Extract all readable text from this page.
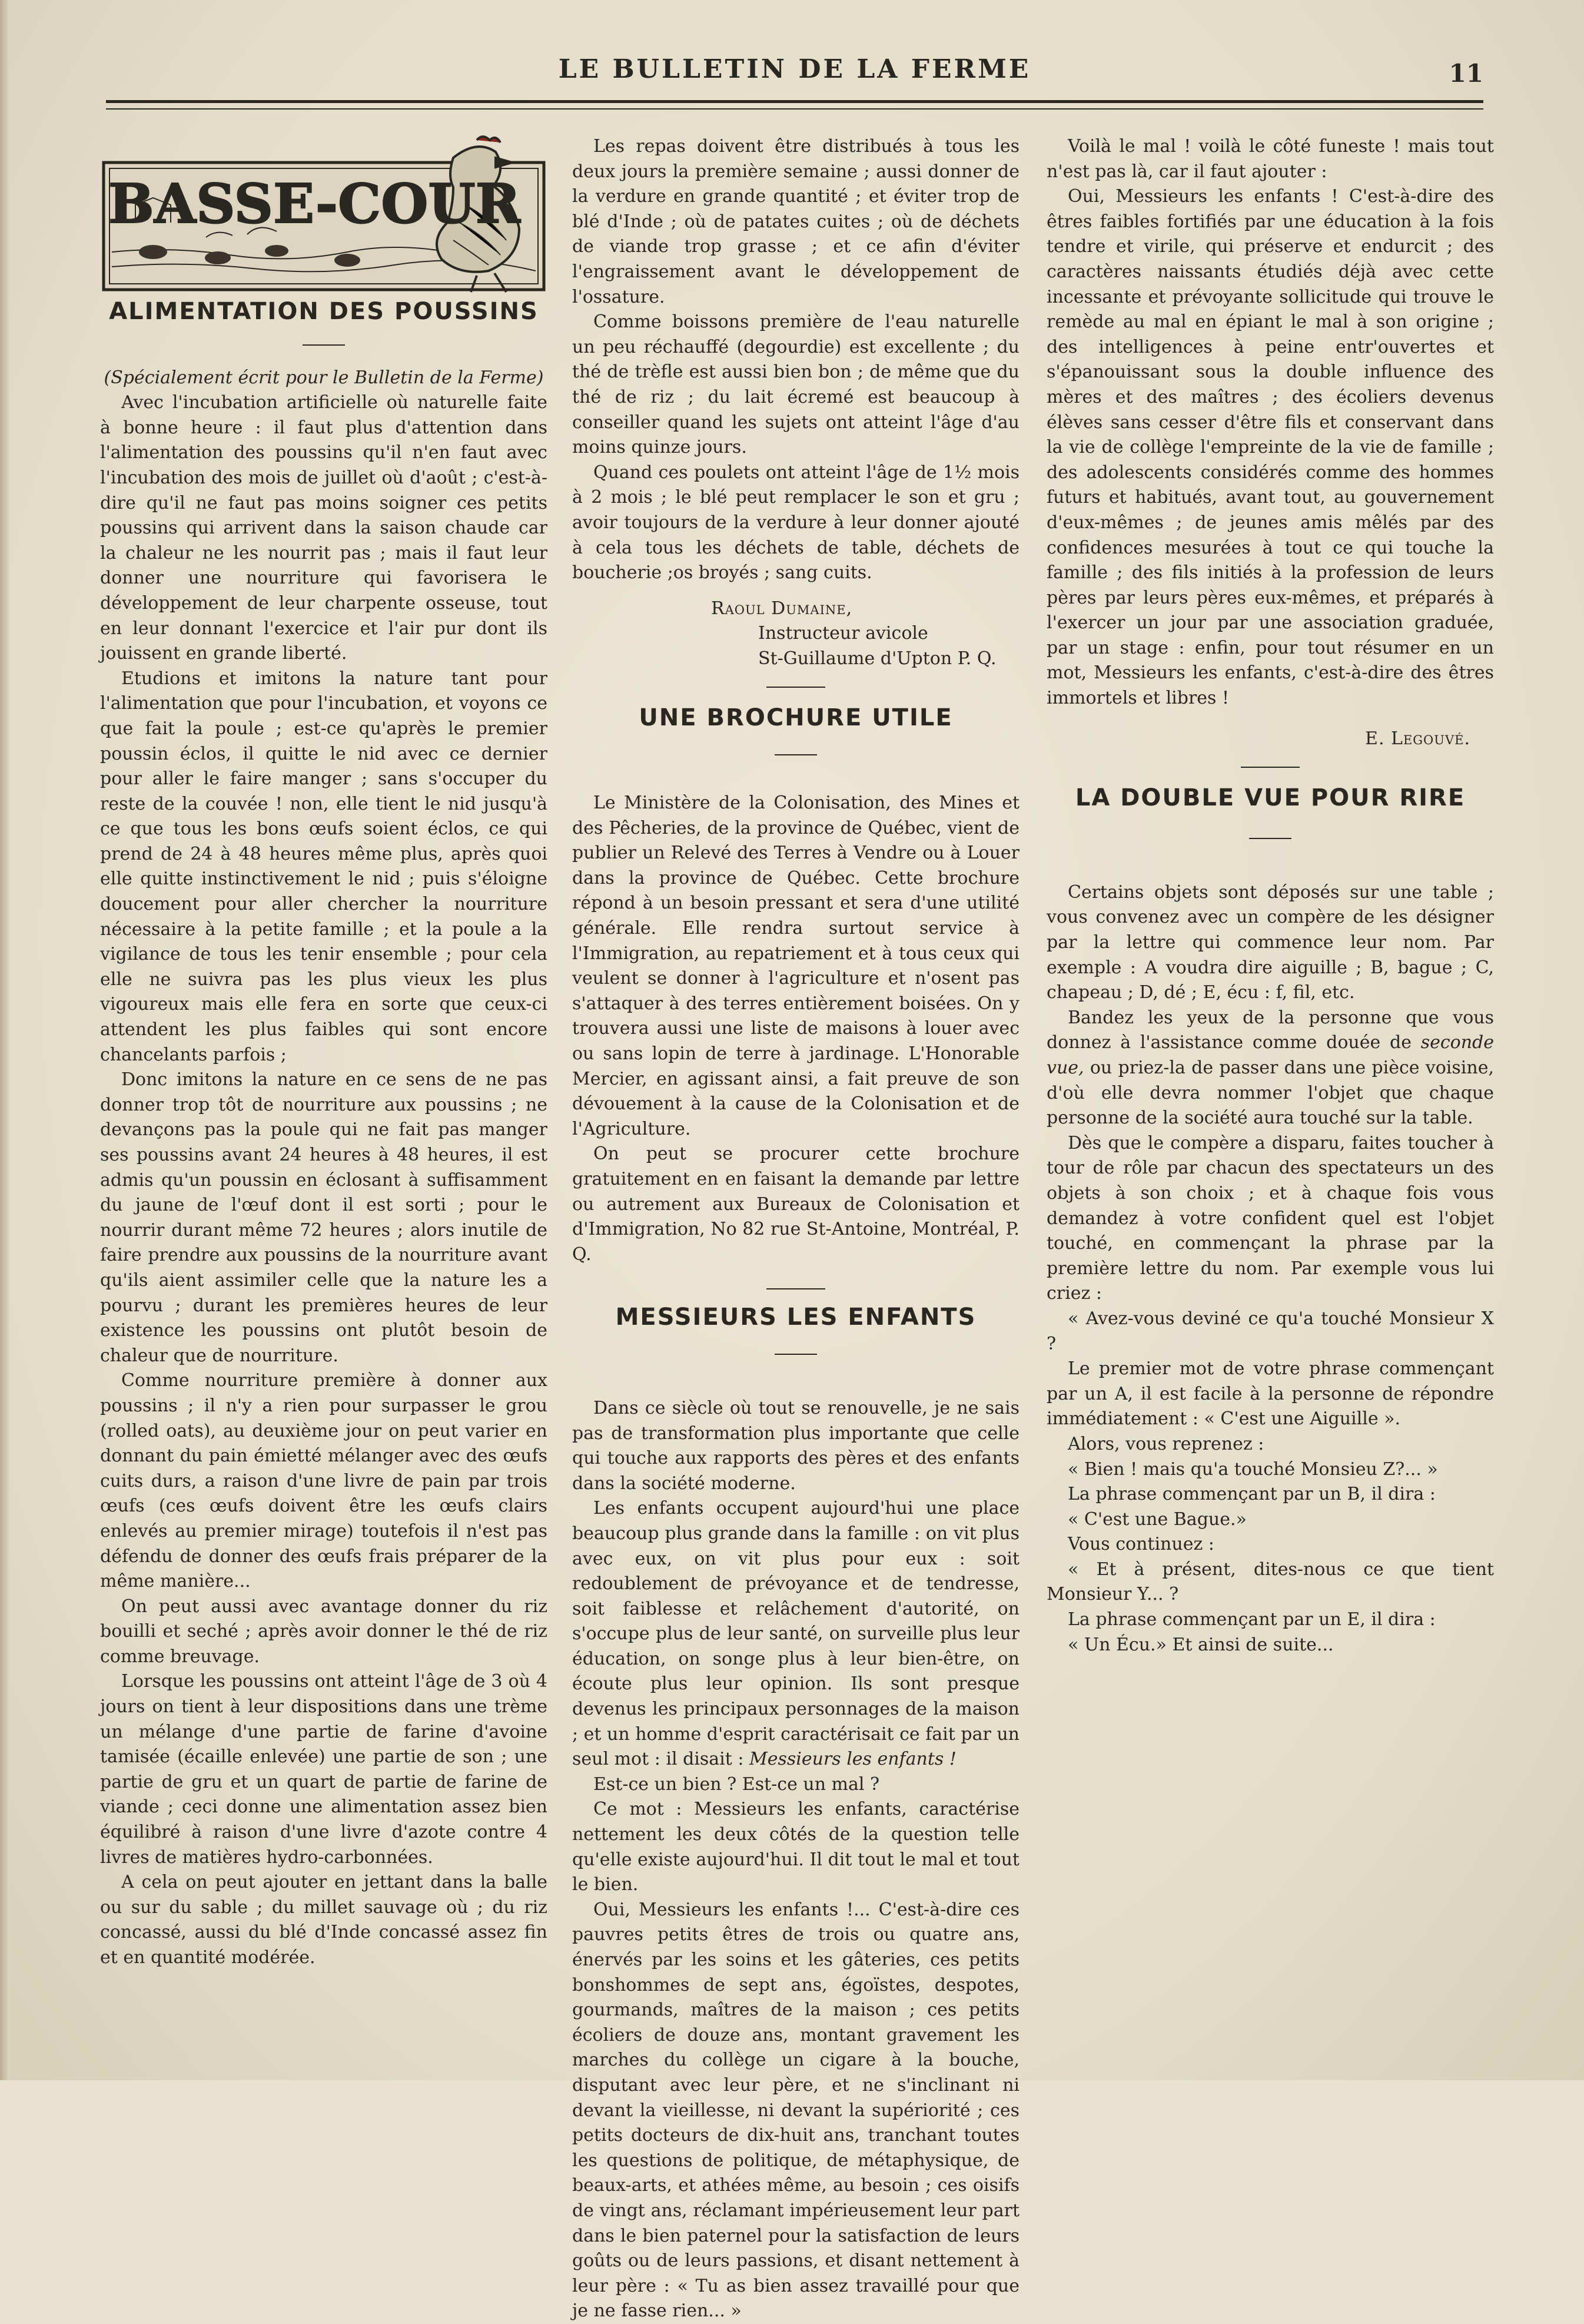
LE BULLETIN DE LA FERME	11
BASSE-COUR
ALIMENTATION DES POUSSINS

(Spécialement écrit pour le Bulletin de la Ferme)

Avec l'incubation artificielle où naturelle faite à bonne heure : il faut plus d'attention dans l'alimentation des poussins qu'il n'en faut avec l'incubation des mois de juillet où d'août ; c'est-à-dire qu'il ne faut pas moins soigner ces petits poussins qui arrivent dans la saison chaude car la chaleur ne les nourrit pas ; mais il faut leur donner une nourriture qui favorisera le développement de leur charpente osseuse, tout en leur donnant l'exercice et l'air pur dont ils jouissent en grande liberté.

Etudions et imitons la nature tant pour l'alimentation que pour l'incubation, et voyons ce que fait la poule ; est-ce qu'après le premier poussin éclos, il quitte le nid avec ce dernier pour aller le faire manger ; sans s'occuper du reste de la couvée ! non, elle tient le nid jusqu'à ce que tous les bons œufs soient éclos, ce qui prend de 24 à 48 heures même plus, après quoi elle quitte instinctivement le nid ; puis s'éloigne doucement pour aller chercher la nourriture nécessaire à la petite famille ; et la poule a la vigilance de tous les tenir ensemble ; pour cela elle ne suivra pas les plus vieux les plus vigoureux mais elle fera en sorte que ceux-ci attendent les plus faibles qui sont encore chancelants parfois ;

Donc imitons la nature en ce sens de ne pas donner trop tôt de nourriture aux poussins ; ne devançons pas la poule qui ne fait pas manger ses poussins avant 24 heures à 48 heures, il est admis qu'un poussin en éclosant à suffisamment du jaune de l'œuf dont il est sorti ; pour le nourrir durant même 72 heures ; alors inutile de faire prendre aux poussins de la nourriture avant qu'ils aient assimiler celle que la nature les a pourvu ; durant les premières heures de leur existence les poussins ont plutôt besoin de chaleur que de nourriture.

Comme nourriture première à donner aux poussins ; il n'y a rien pour surpasser le grou (rolled oats), au deuxième jour on peut varier en donnant du pain émietté mélanger avec des œufs cuits durs, a raison d'une livre de pain par trois œufs (ces œufs doivent être les œufs clairs enlevés au premier mirage) toutefois il n'est pas défendu de donner des œufs frais préparer de la même manière...

On peut aussi avec avantage donner du riz bouilli et seché ; après avoir donner le thé de riz comme breuvage.

Lorsque les poussins ont atteint l'âge de 3 où 4 jours on tient à leur dispositions dans une trème un mélange d'une partie de farine d'avoine tamisée (écaille enlevée) une partie de son ; une partie de gru et un quart de partie de farine de viande ; ceci donne une alimentation assez bien équilibré à raison d'une livre d'azote contre 4 livres de matières hydro-carbonnées.

A cela on peut ajouter en jettant dans la balle ou sur du sable ; du millet sauvage où ; du riz concassé, aussi du blé d'Inde concassé assez fin et en quantité modérée.

Les repas doivent être distribués à tous les deux jours la première semaine ; aussi donner de la verdure en grande quantité ; et éviter trop de blé d'Inde ; où de patates cuites ; où de déchets de viande trop grasse ; et ce afin d'éviter l'engraissement avant le développement de l'ossature.

Comme boissons première de l'eau naturelle un peu réchauffé (degourdie) est excellente ; du thé de trèfle est aussi bien bon ; de même que du thé de riz ; du lait écremé est beaucoup à conseiller quand les sujets ont atteint l'âge d'au moins quinze jours.

Quand ces poulets ont atteint l'âge de 1½ mois à 2 mois ; le blé peut remplacer le son et gru ; avoir toujours de la verdure à leur donner ajouté à cela tous les déchets de table, déchets de boucherie ;os broyés ; sang cuits.

Raoul Dumaine,

Instructeur avicole

St-Guillaume d'Upton P. Q.

UNE BROCHURE UTILE

Le Ministère de la Colonisation, des Mines et des Pêcheries, de la province de Québec, vient de publier un Relevé des Terres à Vendre ou à Louer dans la province de Québec. Cette brochure répond à un besoin pressant et sera d'une utilité générale. Elle rendra surtout service à l'Immigration, au repatriement et à tous ceux qui veulent se donner à l'agriculture et n'osent pas s'attaquer à des terres entièrement boisées. On y trouvera aussi une liste de maisons à louer avec ou sans lopin de terre à jardinage. L'Honorable Mercier, en agissant ainsi, a fait preuve de son dévouement à la cause de la Colonisation et de l'Agriculture.

On peut se procurer cette brochure gratuitement en en faisant la demande par lettre ou autrement aux Bureaux de Colonisation et d'Immigration, No 82 rue St-Antoine, Montréal, P. Q.

MESSIEURS LES ENFANTS

Dans ce siècle où tout se renouvelle, je ne sais pas de transformation plus importante que celle qui touche aux rapports des pères et des enfants dans la société moderne.

Les enfants occupent aujourd'hui une place beaucoup plus grande dans la famille : on vit plus avec eux, on vit plus pour eux : soit redoublement de prévoyance et de tendresse, soit faiblesse et relâchement d'autorité, on s'occupe plus de leur santé, on surveille plus leur éducation, on songe plus à leur bien-être, on écoute plus leur opinion. Ils sont presque devenus les principaux personnages de la maison ; et un homme d'esprit caractérisait ce fait par un seul mot : il disait : Messieurs les enfants !

Est-ce un bien ? Est-ce un mal ?

Ce mot : Messieurs les enfants, caractérise nettement les deux côtés de la question telle qu'elle existe aujourd'hui. Il dit tout le mal et tout le bien.

Oui, Messieurs les enfants !... C'est-à-dire ces pauvres petits êtres de trois ou quatre ans, énervés par les soins et les gâteries, ces petits bonshommes de sept ans, égoïstes, despotes, gourmands, maîtres de la maison ; ces petits écoliers de douze ans, montant gravement les marches du collège un cigare à la bouche, disputant avec leur père, et ne s'inclinant ni devant la vieillesse, ni devant la supériorité ; ces petits docteurs de dix-huit ans, tranchant toutes les questions de politique, de métaphysique, de beaux-arts, et athées même, au besoin ; ces oisifs de vingt ans, réclamant impérieusement leur part dans le bien paternel pour la satisfaction de leurs goûts ou de leurs passions, et disant nettement à leur père : « Tu as bien assez travaillé pour que je ne fasse rien... »

Voilà le mal ! voilà le côté funeste ! mais tout n'est pas là, car il faut ajouter :

Oui, Messieurs les enfants ! C'est-à-dire des êtres faibles fortifiés par une éducation à la fois tendre et virile, qui préserve et endurcit ; des caractères naissants étudiés déjà avec cette incessante et prévoyante sollicitude qui trouve le remède au mal en épiant le mal à son origine ; des intelligences à peine entr'ouvertes et s'épanouissant sous la double influence des mères et des maîtres ; des écoliers devenus élèves sans cesser d'être fils et conservant dans la vie de collège l'empreinte de la vie de famille ; des adolescents considérés comme des hommes futurs et habitués, avant tout, au gouvernement d'eux-mêmes ; de jeunes amis mêlés par des confidences mesurées à tout ce qui touche la famille ; des fils initiés à la profession de leurs pères par leurs pères eux-mêmes, et préparés à l'exercer un jour par une association graduée, par un stage : enfin, pour tout résumer en un mot, Messieurs les enfants, c'est-à-dire des êtres immortels et libres !

E. Legouvé.

LA DOUBLE VUE POUR RIRE

Certains objets sont déposés sur une table ; vous convenez avec un compère de les désigner par la lettre qui commence leur nom. Par exemple : A voudra dire aiguille ; B, bague ; C, chapeau ; D, dé ; E, écu : f, fil, etc.

Bandez les yeux de la personne que vous donnez à l'assistance comme douée de seconde vue, ou priez-la de passer dans une pièce voisine, d'où elle devra nommer l'objet que chaque personne de la société aura touché sur la table.

Dès que le compère a disparu, faites toucher à tour de rôle par chacun des spectateurs un des objets à son choix ; et à chaque fois vous demandez à votre confident quel est l'objet touché, en commençant la phrase par la première lettre du nom. Par exemple vous lui criez :

« Avez-vous deviné ce qu'a touché Monsieur X ?

Le premier mot de votre phrase commençant par un A, il est facile à la personne de répondre immédiatement : « C'est une Aiguille ».

Alors, vous reprenez :

« Bien ! mais qu'a touché Monsieu Z?... »

La phrase commençant par un B, il dira :

« C'est une Bague.»

Vous continuez :

« Et à présent, dites-nous ce que tient Monsieur Y... ?

La phrase commençant par un E, il dira :

« Un Écu.» Et ainsi de suite...
